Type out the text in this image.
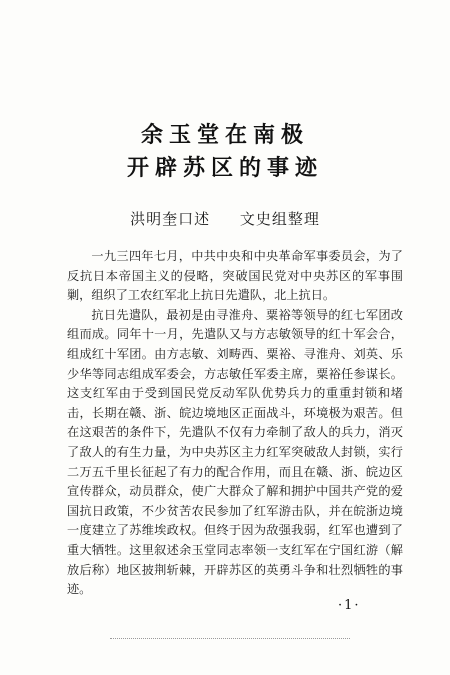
余玉堂在南极
开辟苏区的事迹
洪明奎口述 文史组整理

一九三四年七月，中共中央和中央革命军事委员会，为了反抗日本帝国主义的侵略，突破国民党对中央苏区的军事围剿，组织了工农红军北上抗日先遣队，北上抗日。

抗日先遣队，最初是由寻淮舟、粟裕等领导的红七军团改组而成。同年十一月，先遣队又与方志敏领导的红十军会合，组成红十军团。由方志敏、刘畴西、粟裕、寻淮舟、刘英、乐少华等同志组成军委会，方志敏任军委主席，粟裕任参谋长。这支红军由于受到国民党反动军队优势兵力的重重封锁和堵击，长期在赣、浙、皖边境地区正面战斗，环境极为艰苦。但在这艰苦的条件下，先遣队不仅有力牵制了敌人的兵力，消灭了敌人的有生力量，为中央苏区主力红军突破敌人封锁，实行二万五千里长征起了有力的配合作用，而且在赣、浙、皖边区宣传群众，动员群众，使广大群众了解和拥护中国共产党的爱国抗日政策，不少贫苦农民参加了红军游击队，并在皖浙边境一度建立了苏维埃政权。但终于因为敌强我弱，红军也遭到了重大牺牲。这里叙述余玉堂同志率领一支红军在宁国红游（解放后称）地区披荆斩棘，开辟苏区的英勇斗争和壮烈牺牲的事迹。

·1·
